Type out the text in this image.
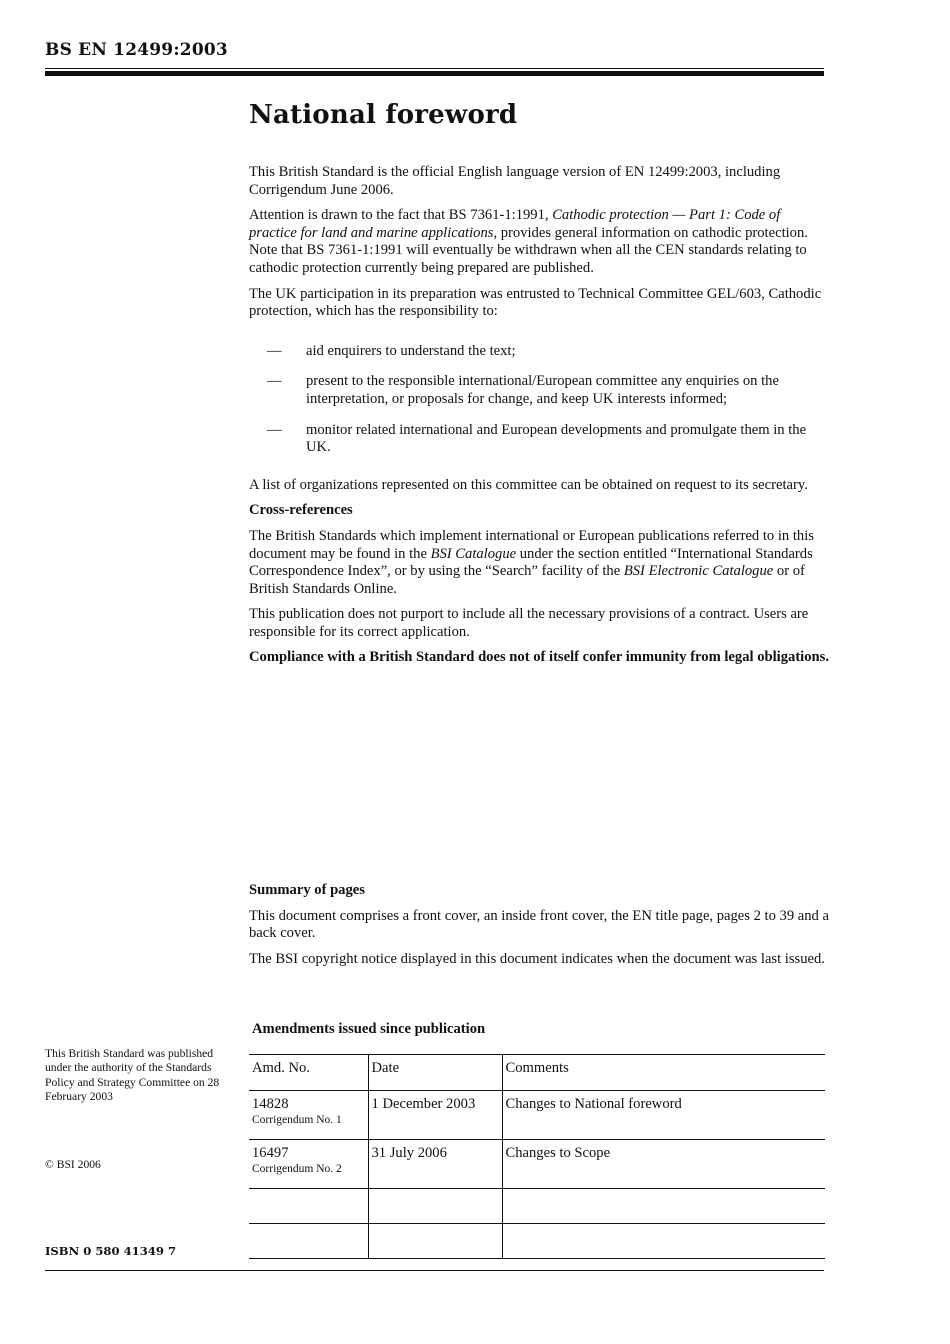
BS EN 12499:2003
National foreword

This British Standard is the official English language version of EN 12499:2003, including Corrigendum June 2006.

Attention is drawn to the fact that BS 7361-1:1991, Cathodic protection — Part 1: Code of practice for land and marine applications, provides general information on cathodic protection. Note that BS 7361-1:1991 will eventually be withdrawn when all the CEN standards relating to cathodic protection currently being prepared are published.

The UK participation in its preparation was entrusted to Technical Committee GEL/603, Cathodic protection, which has the responsibility to:

—	aid enquirers to understand the text;
—	present to the responsible international/European committee any enquiries on the interpretation, or proposals for change, and keep UK interests informed;
—	monitor related international and European developments and promulgate them in the UK.

A list of organizations represented on this committee can be obtained on request to its secretary.

Cross-references

The British Standards which implement international or European publications referred to in this document may be found in the BSI Catalogue under the section entitled “International Standards Correspondence Index”, or by using the “Search” facility of the BSI Electronic Catalogue or of British Standards Online.

This publication does not purport to include all the necessary provisions of a contract. Users are responsible for its correct application.

Compliance with a British Standard does not of itself confer immunity from legal obligations.

Summary of pages

This document comprises a front cover, an inside front cover, the EN title page, pages 2 to 39 and a back cover.

The BSI copyright notice displayed in this document indicates when the document was last issued.

This British Standard was published under the authority of the Standards Policy and Strategy Committee on 28 February 2003
© BSI 2006
ISBN 0 580 41349 7
Amendments issued since publication
Amd. No.	Date	Comments
14828
Corrigendum No. 1	1 December 2003	Changes to National foreword
16497
Corrigendum No. 2	31 July 2006	Changes to Scope
